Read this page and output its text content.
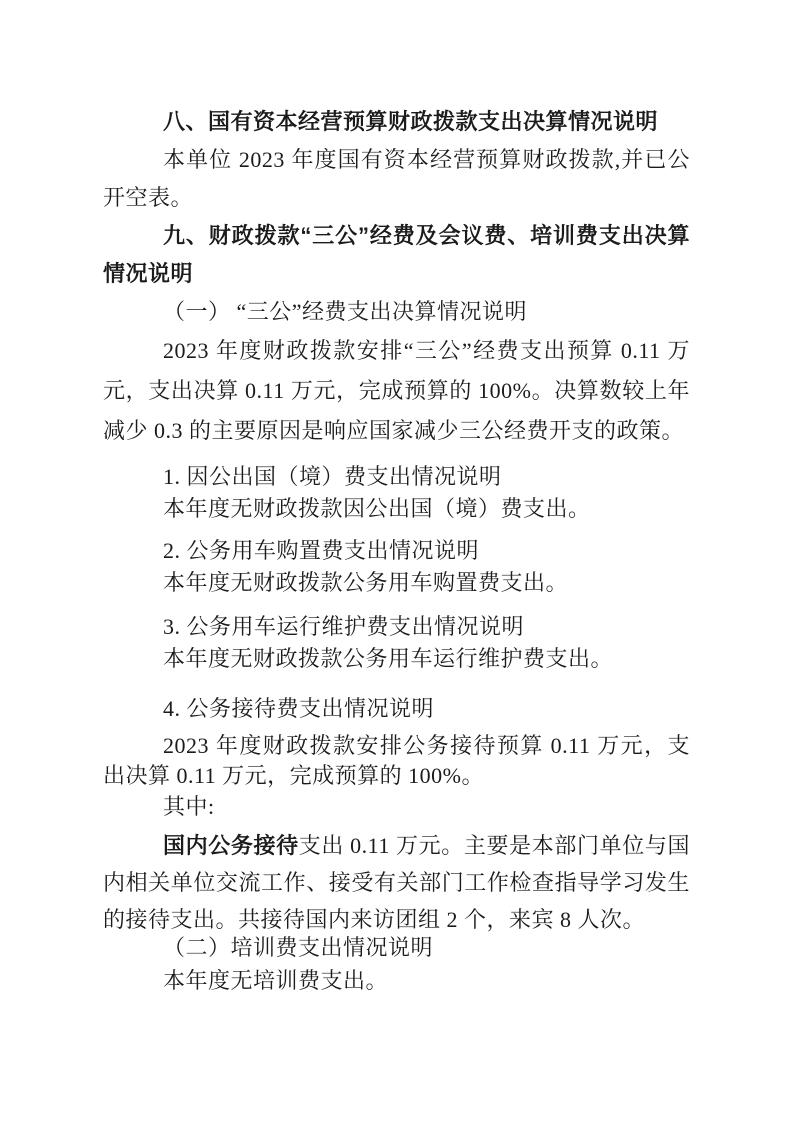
八、国有资本经营预算财政拨款支出决算情况说明

本单位 2023 年度国有资本经营预算财政拨款,并已公开空表。

九、财政拨款“三公”经费及会议费、培训费支出决算情况说明

（一） “三公”经费支出决算情况说明

2023 年度财政拨款安排“三公”经费支出预算 0.11 万元，支出决算 0.11 万元，完成预算的 100%。决算数较上年减少 0.3 的主要原因是响应国家减少三公经费开支的政策。

1. 因公出国（境）费支出情况说明

本年度无财政拨款因公出国（境）费支出。

2. 公务用车购置费支出情况说明

本年度无财政拨款公务用车购置费支出。

3. 公务用车运行维护费支出情况说明

本年度无财政拨款公务用车运行维护费支出。

4. 公务接待费支出情况说明

2023 年度财政拨款安排公务接待预算 0.11 万元，支出决算 0.11 万元，完成预算的 100%。

其中:

国内公务接待支出 0.11 万元。主要是本部门单位与国内相关单位交流工作、接受有关部门工作检查指导学习发生的接待支出。共接待国内来访团组 2 个，来宾 8 人次。

（二）培训费支出情况说明

本年度无培训费支出。
